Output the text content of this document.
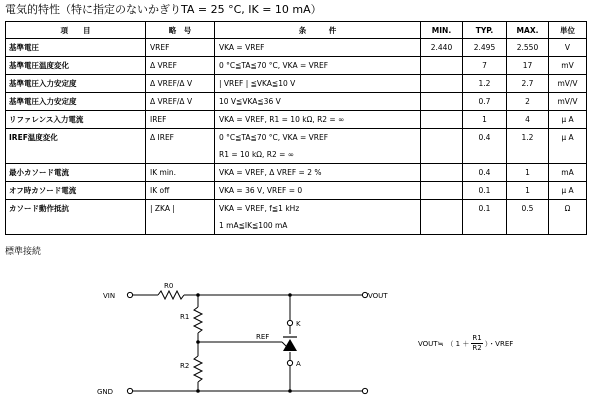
電気的特性（特に指定のないかぎりTA = 25 °C, IK = 10 mA）
項　　目	略　号	条　　　件	MIN.	TYP.	MAX.	単位
基準電圧	VREF	VKA = VREF	2.440	2.495	2.550	V
基準電圧温度変化	Δ VREF	0 °C≦TA≦70 °C, VKA = VREF		7	17	mV
基準電圧入力安定度	Δ VREF/Δ V	| VREF | ≦VKA≦10 V		1.2	2.7	mV/V
基準電圧入力安定度	Δ VREF/Δ V	10 V≦VKA≦36 V		0.7	2	mV/V
リファレンス入力電流	IREF	VKA = VREF, R1 = 10 kΩ, R2 = ∞		1	4	μ A
IREF温度変化	Δ IREF	0 °C≦TA≦70 °C, VKA = VREF
R1 = 10 kΩ, R2 = ∞		0.4	1.2	μ A
最小カソード電流	IK min.	VKA = VREF, Δ VREF = 2 %		0.4	1	mA
オフ時カソード電流	IK off	VKA = 36 V, VREF = 0		0.1	1	μ A
カソード動作抵抗	| ZKA |	VKA = VREF, f≦1 kHz
1 mA≦IK≦100 mA		0.1	0.5	Ω
標準接続
VIN
R0
VOUT
R1
R2
REF
K
A
GND
VOUT≒ （ $1 + \frac{R1}{R2}$ ）・VREF
